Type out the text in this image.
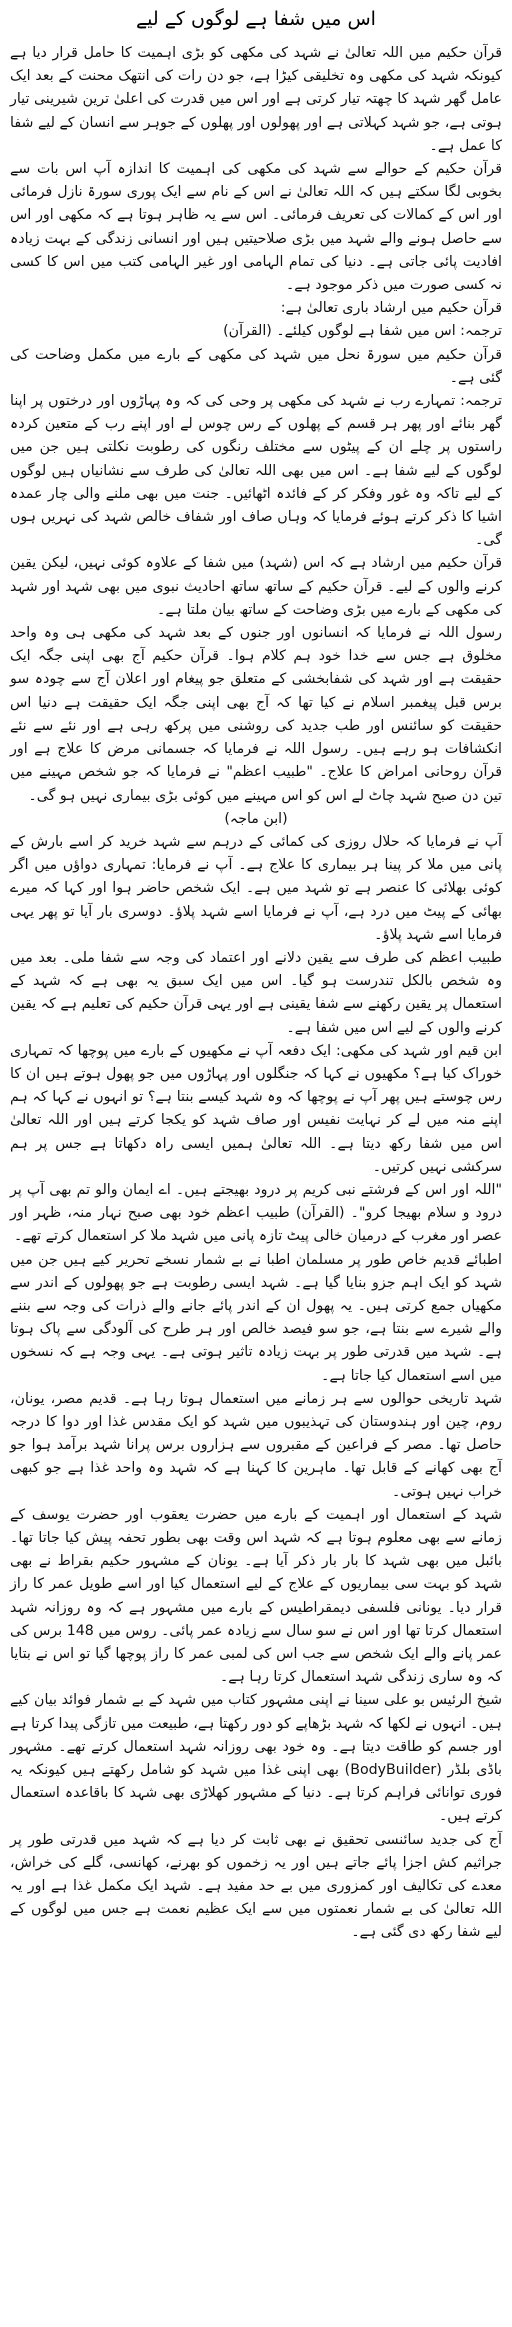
اس میں شفا ہے لوگوں کے لیے

قرآن حکیم میں اللہ تعالیٰ نے شہد کی مکھی کو بڑی اہمیت کا حامل قرار دیا ہے کیونکہ شہد کی مکھی وہ تخلیقی کیڑا ہے، جو دن رات کی انتھک محنت کے بعد ایک عامل گھر شہد کا چھتہ تیار کرتی ہے اور اس میں قدرت کی اعلیٰ ترین شیرینی تیار ہوتی ہے، جو شہد کہلاتی ہے اور پھولوں اور پھلوں کے جوہر سے انسان کے لیے شفا کا عمل ہے۔

قرآن حکیم کے حوالے سے شہد کی مکھی کی اہمیت کا اندازہ آپ اس بات سے بخوبی لگا سکتے ہیں کہ اللہ تعالیٰ نے اس کے نام سے ایک پوری سورۃ نازل فرمائی اور اس کے کمالات کی تعریف فرمائی۔ اس سے یہ ظاہر ہوتا ہے کہ مکھی اور اس سے حاصل ہونے والے شہد میں بڑی صلاحیتیں ہیں اور انسانی زندگی کے بہت زیادہ افادیت پائی جاتی ہے۔ دنیا کی تمام الہامی اور غیر الہامی کتب میں اس کا کسی نہ کسی صورت میں ذکر موجود ہے۔

قرآن حکیم میں ارشاد باری تعالیٰ ہے:

ترجمہ: اس میں شفا ہے لوگوں کیلئے۔ (القرآن)

قرآن حکیم میں سورۃ نحل میں شہد کی مکھی کے بارے میں مکمل وضاحت کی گئی ہے۔

ترجمہ: تمہارے رب نے شہد کی مکھی پر وحی کی کہ وہ پہاڑوں اور درختوں پر اپنا گھر بنائے اور پھر ہر قسم کے پھلوں کے رس چوس لے اور اپنے رب کے متعین کردہ راستوں پر چلے ان کے پیٹوں سے مختلف رنگوں کی رطوبت نکلتی ہیں جن میں لوگوں کے لیے شفا ہے۔ اس میں بھی اللہ تعالیٰ کی طرف سے نشانیاں ہیں لوگوں کے لیے تاکہ وہ غور وفکر کر کے فائدہ اٹھائیں۔ جنت میں بھی ملنے والی چار عمدہ اشیا کا ذکر کرتے ہوئے فرمایا کہ وہاں صاف اور شفاف خالص شہد کی نہریں ہوں گی۔

قرآن حکیم میں ارشاد ہے کہ اس (شہد) میں شفا کے علاوہ کوئی نہیں، لیکن یقین کرنے والوں کے لیے۔ قرآن حکیم کے ساتھ ساتھ احادیث نبوی میں بھی شہد اور شہد کی مکھی کے بارے میں بڑی وضاحت کے ساتھ بیان ملتا ہے۔

رسول اللہ نے فرمایا کہ انسانوں اور جنوں کے بعد شہد کی مکھی ہی وہ واحد مخلوق ہے جس سے خدا خود ہم کلام ہوا۔ قرآن حکیم آج بھی اپنی جگہ ایک حقیقت ہے اور شہد کی شفابخشی کے متعلق جو پیغام اور اعلان آج سے چودہ سو برس قبل پیغمبر اسلام نے کیا تھا کہ آج بھی اپنی جگہ ایک حقیقت ہے دنیا اس حقیقت کو سائنس اور طب جدید کی روشنی میں پرکھ رہی ہے اور نئے سے نئے انکشافات ہو رہے ہیں۔ رسول اللہ نے فرمایا کہ جسمانی مرض کا علاج ہے اور قرآن روحانی امراض کا علاج۔ "طبیب اعظم" نے فرمایا کہ جو شخص مہینے میں تین دن صبح شہد چاٹ لے اس کو اس مہینے میں کوئی بڑی بیماری نہیں ہو گی۔

(ابن ماجہ)

آپ نے فرمایا کہ حلال روزی کی کمائی کے درہم سے شہد خرید کر اسے بارش کے پانی میں ملا کر پینا ہر بیماری کا علاج ہے۔ آپ نے فرمایا: تمہاری دواؤں میں اگر کوئی بھلائی کا عنصر ہے تو شہد میں ہے۔ ایک شخص حاضر ہوا اور کہا کہ میرے بھائی کے پیٹ میں درد ہے، آپ نے فرمایا اسے شہد پلاؤ۔ دوسری بار آیا تو پھر یہی فرمایا اسے شہد پلاؤ۔

طبیب اعظم کی طرف سے یقین دلانے اور اعتماد کی وجہ سے شفا ملی۔ بعد میں وہ شخص بالکل تندرست ہو گیا۔ اس میں ایک سبق یہ بھی ہے کہ شہد کے استعمال پر یقین رکھنے سے شفا یقینی ہے اور یہی قرآن حکیم کی تعلیم ہے کہ یقین کرنے والوں کے لیے اس میں شفا ہے۔

ابن قیم اور شہد کی مکھی: ایک دفعہ آپ نے مکھیوں کے بارے میں پوچھا کہ تمہاری خوراک کیا ہے؟ مکھیوں نے کہا کہ جنگلوں اور پہاڑوں میں جو پھول ہوتے ہیں ان کا رس چوستے ہیں پھر آپ نے پوچھا کہ وہ شہد کیسے بنتا ہے؟ تو انہوں نے کہا کہ ہم اپنے منہ میں لے کر نہایت نفیس اور صاف شہد کو یکجا کرتے ہیں اور اللہ تعالیٰ اس میں شفا رکھ دیتا ہے۔ اللہ تعالیٰ ہمیں ایسی راہ دکھاتا ہے جس پر ہم سرکشی نہیں کرتیں۔

"اللہ اور اس کے فرشتے نبی کریم پر درود بھیجتے ہیں۔ اے ایمان والو تم بھی آپ پر درود و سلام بھیجا کرو"۔ (القرآن) طبیب اعظم خود بھی صبح نہار منہ، ظہر اور عصر اور مغرب کے درمیان خالی پیٹ تازہ پانی میں شہد ملا کر استعمال کرتے تھے۔

اطبائے قدیم خاص طور پر مسلمان اطبا نے بے شمار نسخے تحریر کیے ہیں جن میں شہد کو ایک اہم جزو بنایا گیا ہے۔ شہد ایسی رطوبت ہے جو پھولوں کے اندر سے مکھیاں جمع کرتی ہیں۔ یہ پھول ان کے اندر پائے جانے والے ذرات کی وجہ سے بننے والے شیرے سے بنتا ہے، جو سو فیصد خالص اور ہر طرح کی آلودگی سے پاک ہوتا ہے۔ شہد میں قدرتی طور پر بہت زیادہ تاثیر ہوتی ہے۔ یہی وجہ ہے کہ نسخوں میں اسے استعمال کیا جاتا ہے۔

شہد تاریخی حوالوں سے ہر زمانے میں استعمال ہوتا رہا ہے۔ قدیم مصر، یونان، روم، چین اور ہندوستان کی تہذیبوں میں شہد کو ایک مقدس غذا اور دوا کا درجہ حاصل تھا۔ مصر کے فراعین کے مقبروں سے ہزاروں برس پرانا شہد برآمد ہوا جو آج بھی کھانے کے قابل تھا۔ ماہرین کا کہنا ہے کہ شہد وہ واحد غذا ہے جو کبھی خراب نہیں ہوتی۔

شہد کے استعمال اور اہمیت کے بارے میں حضرت یعقوب اور حضرت یوسف کے زمانے سے بھی معلوم ہوتا ہے کہ شہد اس وقت بھی بطور تحفہ پیش کیا جاتا تھا۔ بائبل میں بھی شہد کا بار بار ذکر آیا ہے۔ یونان کے مشہور حکیم بقراط نے بھی شہد کو بہت سی بیماریوں کے علاج کے لیے استعمال کیا اور اسے طویل عمر کا راز قرار دیا۔ یونانی فلسفی دیمقراطیس کے بارے میں مشہور ہے کہ وہ روزانہ شہد استعمال کرتا تھا اور اس نے سو سال سے زیادہ عمر پائی۔ روس میں 148 برس کی عمر پانے والے ایک شخص سے جب اس کی لمبی عمر کا راز پوچھا گیا تو اس نے بتایا کہ وہ ساری زندگی شہد استعمال کرتا رہا ہے۔

شیخ الرئیس بو علی سینا نے اپنی مشہور کتاب میں شہد کے بے شمار فوائد بیان کیے ہیں۔ انہوں نے لکھا کہ شہد بڑھاپے کو دور رکھتا ہے، طبیعت میں تازگی پیدا کرتا ہے اور جسم کو طاقت دیتا ہے۔ وہ خود بھی روزانہ شہد استعمال کرتے تھے۔ مشہور باڈی بلڈر (BodyBuilder) بھی اپنی غذا میں شہد کو شامل رکھتے ہیں کیونکہ یہ فوری توانائی فراہم کرتا ہے۔ دنیا کے مشہور کھلاڑی بھی شہد کا باقاعدہ استعمال کرتے ہیں۔

آج کی جدید سائنسی تحقیق نے بھی ثابت کر دیا ہے کہ شہد میں قدرتی طور پر جراثیم کش اجزا پائے جاتے ہیں اور یہ زخموں کو بھرنے، کھانسی، گلے کی خراش، معدے کی تکالیف اور کمزوری میں بے حد مفید ہے۔ شہد ایک مکمل غذا ہے اور یہ اللہ تعالیٰ کی بے شمار نعمتوں میں سے ایک عظیم نعمت ہے جس میں لوگوں کے لیے شفا رکھ دی گئی ہے۔
